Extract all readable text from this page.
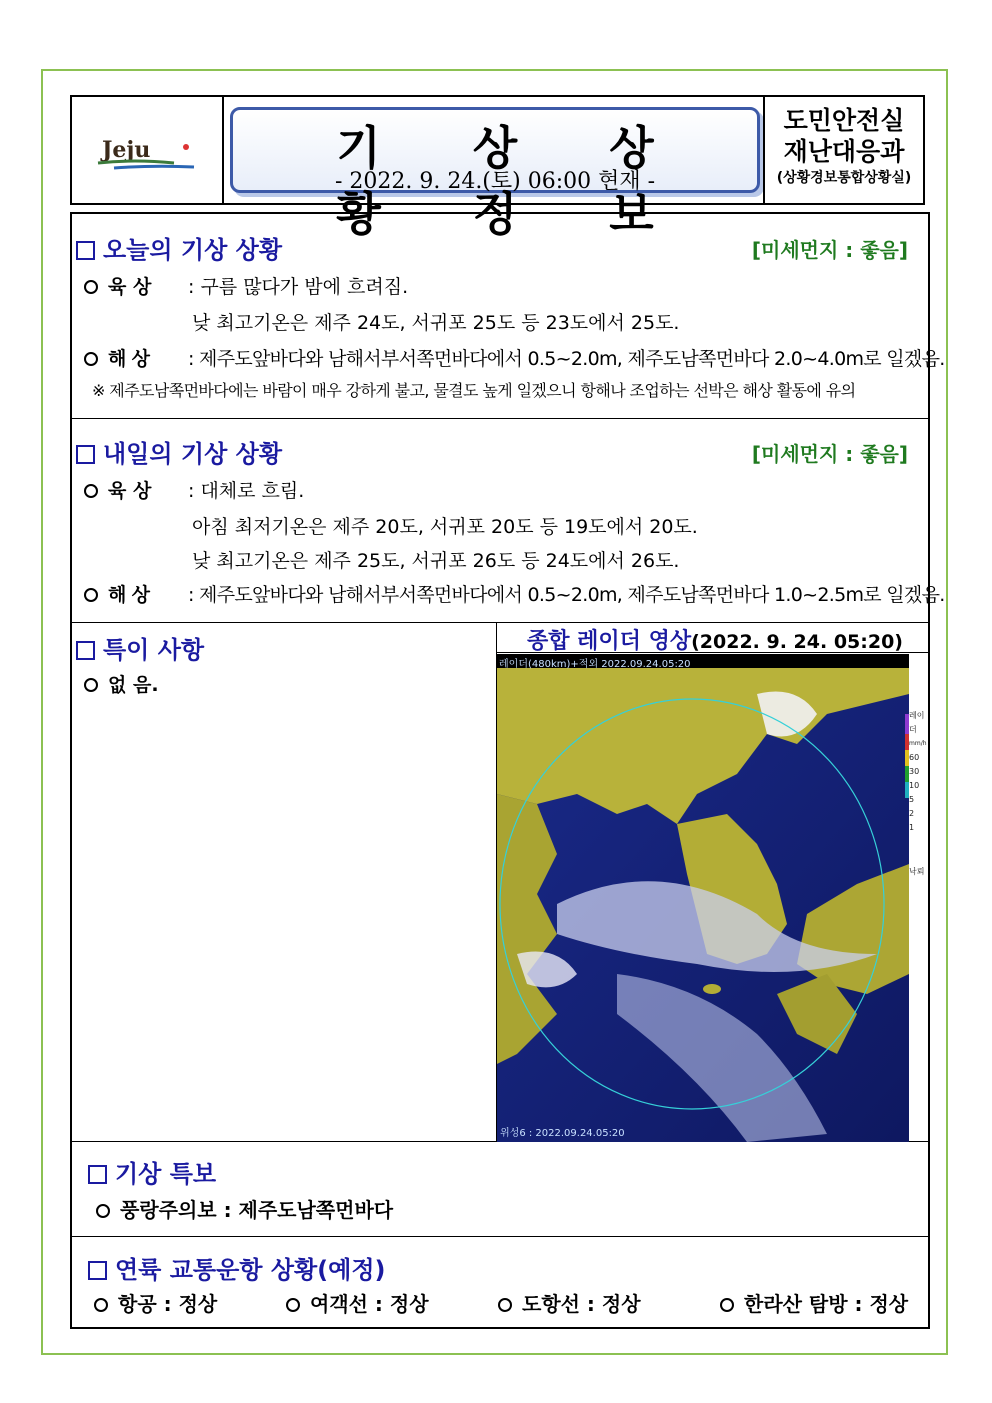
Jeju	기 상 상 황 정 보
- 2022. 9. 24.(토) 06:00 현재 -
도민안전실
재난대응과
(상황경보통합상황실)
오늘의 기상 상황	[미세먼지 : 좋음]
육 상 : 구름 많다가 밤에 흐려짐.
낮 최고기온은 제주 24도, 서귀포 25도 등 23도에서 25도.
해 상 : 제주도앞바다와 남해서부서쪽먼바다에서 0.5~2.0m, 제주도남쪽먼바다 2.0~4.0m로 일겠음.
※ 제주도남쪽먼바다에는 바람이 매우 강하게 불고, 물결도 높게 일겠으니 항해나 조업하는 선박은 해상 활동에 유의
내일의 기상 상황	[미세먼지 : 좋음]
육 상 : 대체로 흐림.
아침 최저기온은 제주 20도, 서귀포 20도 등 19도에서 20도.
낮 최고기온은 제주 25도, 서귀포 26도 등 24도에서 26도.
해 상 : 제주도앞바다와 남해서부서쪽먼바다에서 0.5~2.0m, 제주도남쪽먼바다 1.0~2.5m로 일겠음.
특이 사항
없 음.
종합 레이더 영상(2022. 9. 24. 05:20)
레이더(480km)+적외 2022.09.24.05:20
위성6 : 2022.09.24.05:20
레이더
mm/h
60
30
10
5
2
1
낙뢰
기상 특보
풍랑주의보 : 제주도남쪽먼바다
연륙 교통운항 상황(예정)
항공 : 정상	여객선 : 정상	도항선 : 정상	한라산 탐방 : 정상
